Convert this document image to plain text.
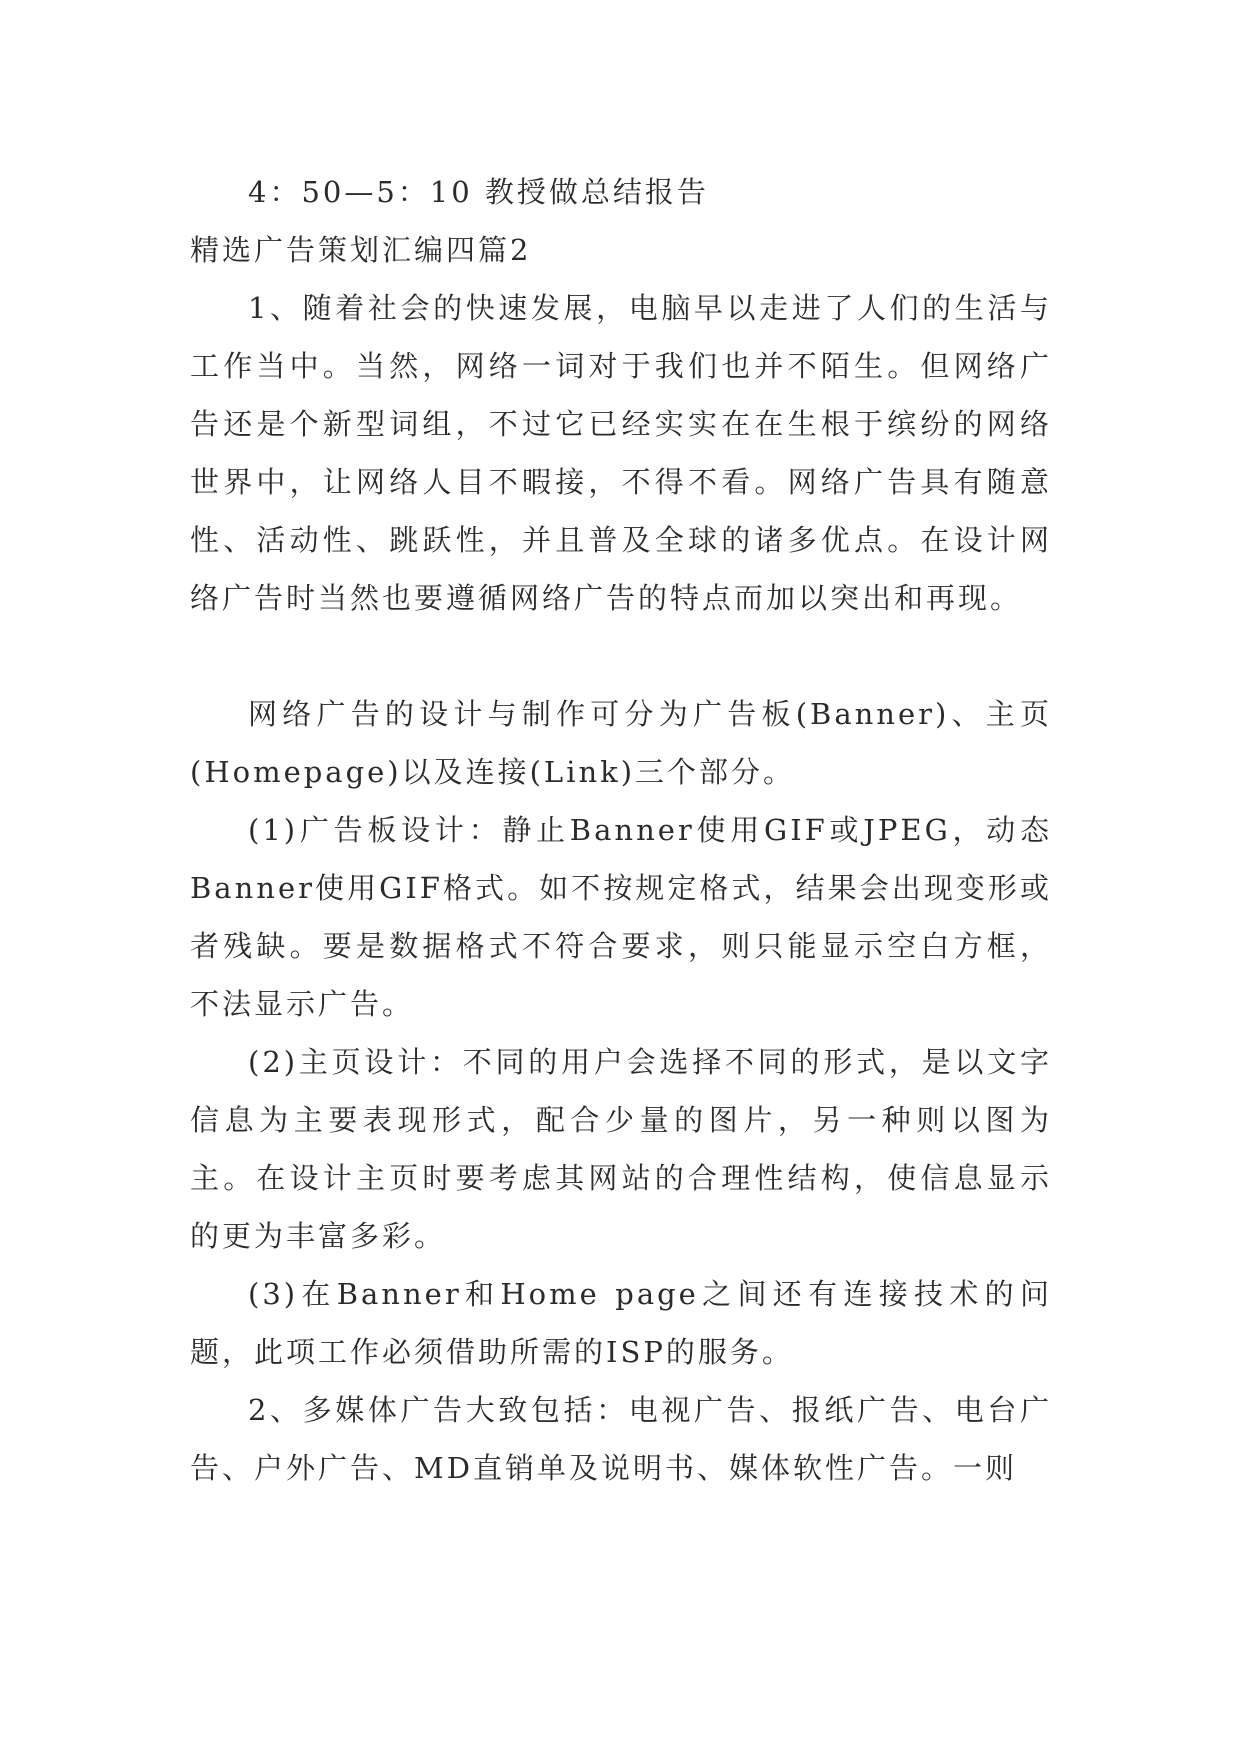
4：50—5：10 教授做总结报告

精选广告策划汇编四篇2

1、随着社会的快速发展，电脑早以走进了人们的生活与工作当中。当然，网络一词对于我们也并不陌生。但网络广告还是个新型词组，不过它已经实实在在生根于缤纷的网络世界中，让网络人目不暇接，不得不看。网络广告具有随意性、活动性、跳跃性，并且普及全球的诸多优点。在设计网络广告时当然也要遵循网络广告的特点而加以突出和再现。

网络广告的设计与制作可分为广告板(Banner)、主页(Homepage)以及连接(Link)三个部分。

(1)广告板设计：静止Banner使用GIF或JPEG，动态Banner使用GIF格式。如不按规定格式，结果会出现变形或者残缺。要是数据格式不符合要求，则只能显示空白方框，不法显示广告。

(2)主页设计：不同的用户会选择不同的形式，是以文字信息为主要表现形式，配合少量的图片，另一种则以图为主。在设计主页时要考虑其网站的合理性结构，使信息显示的更为丰富多彩。

(3)在Banner和Home page之间还有连接技术的问题，此项工作必须借助所需的ISP的服务。

2、多媒体广告大致包括：电视广告、报纸广告、电台广告、户外广告、MD直销单及说明书、媒体软性广告。一则
